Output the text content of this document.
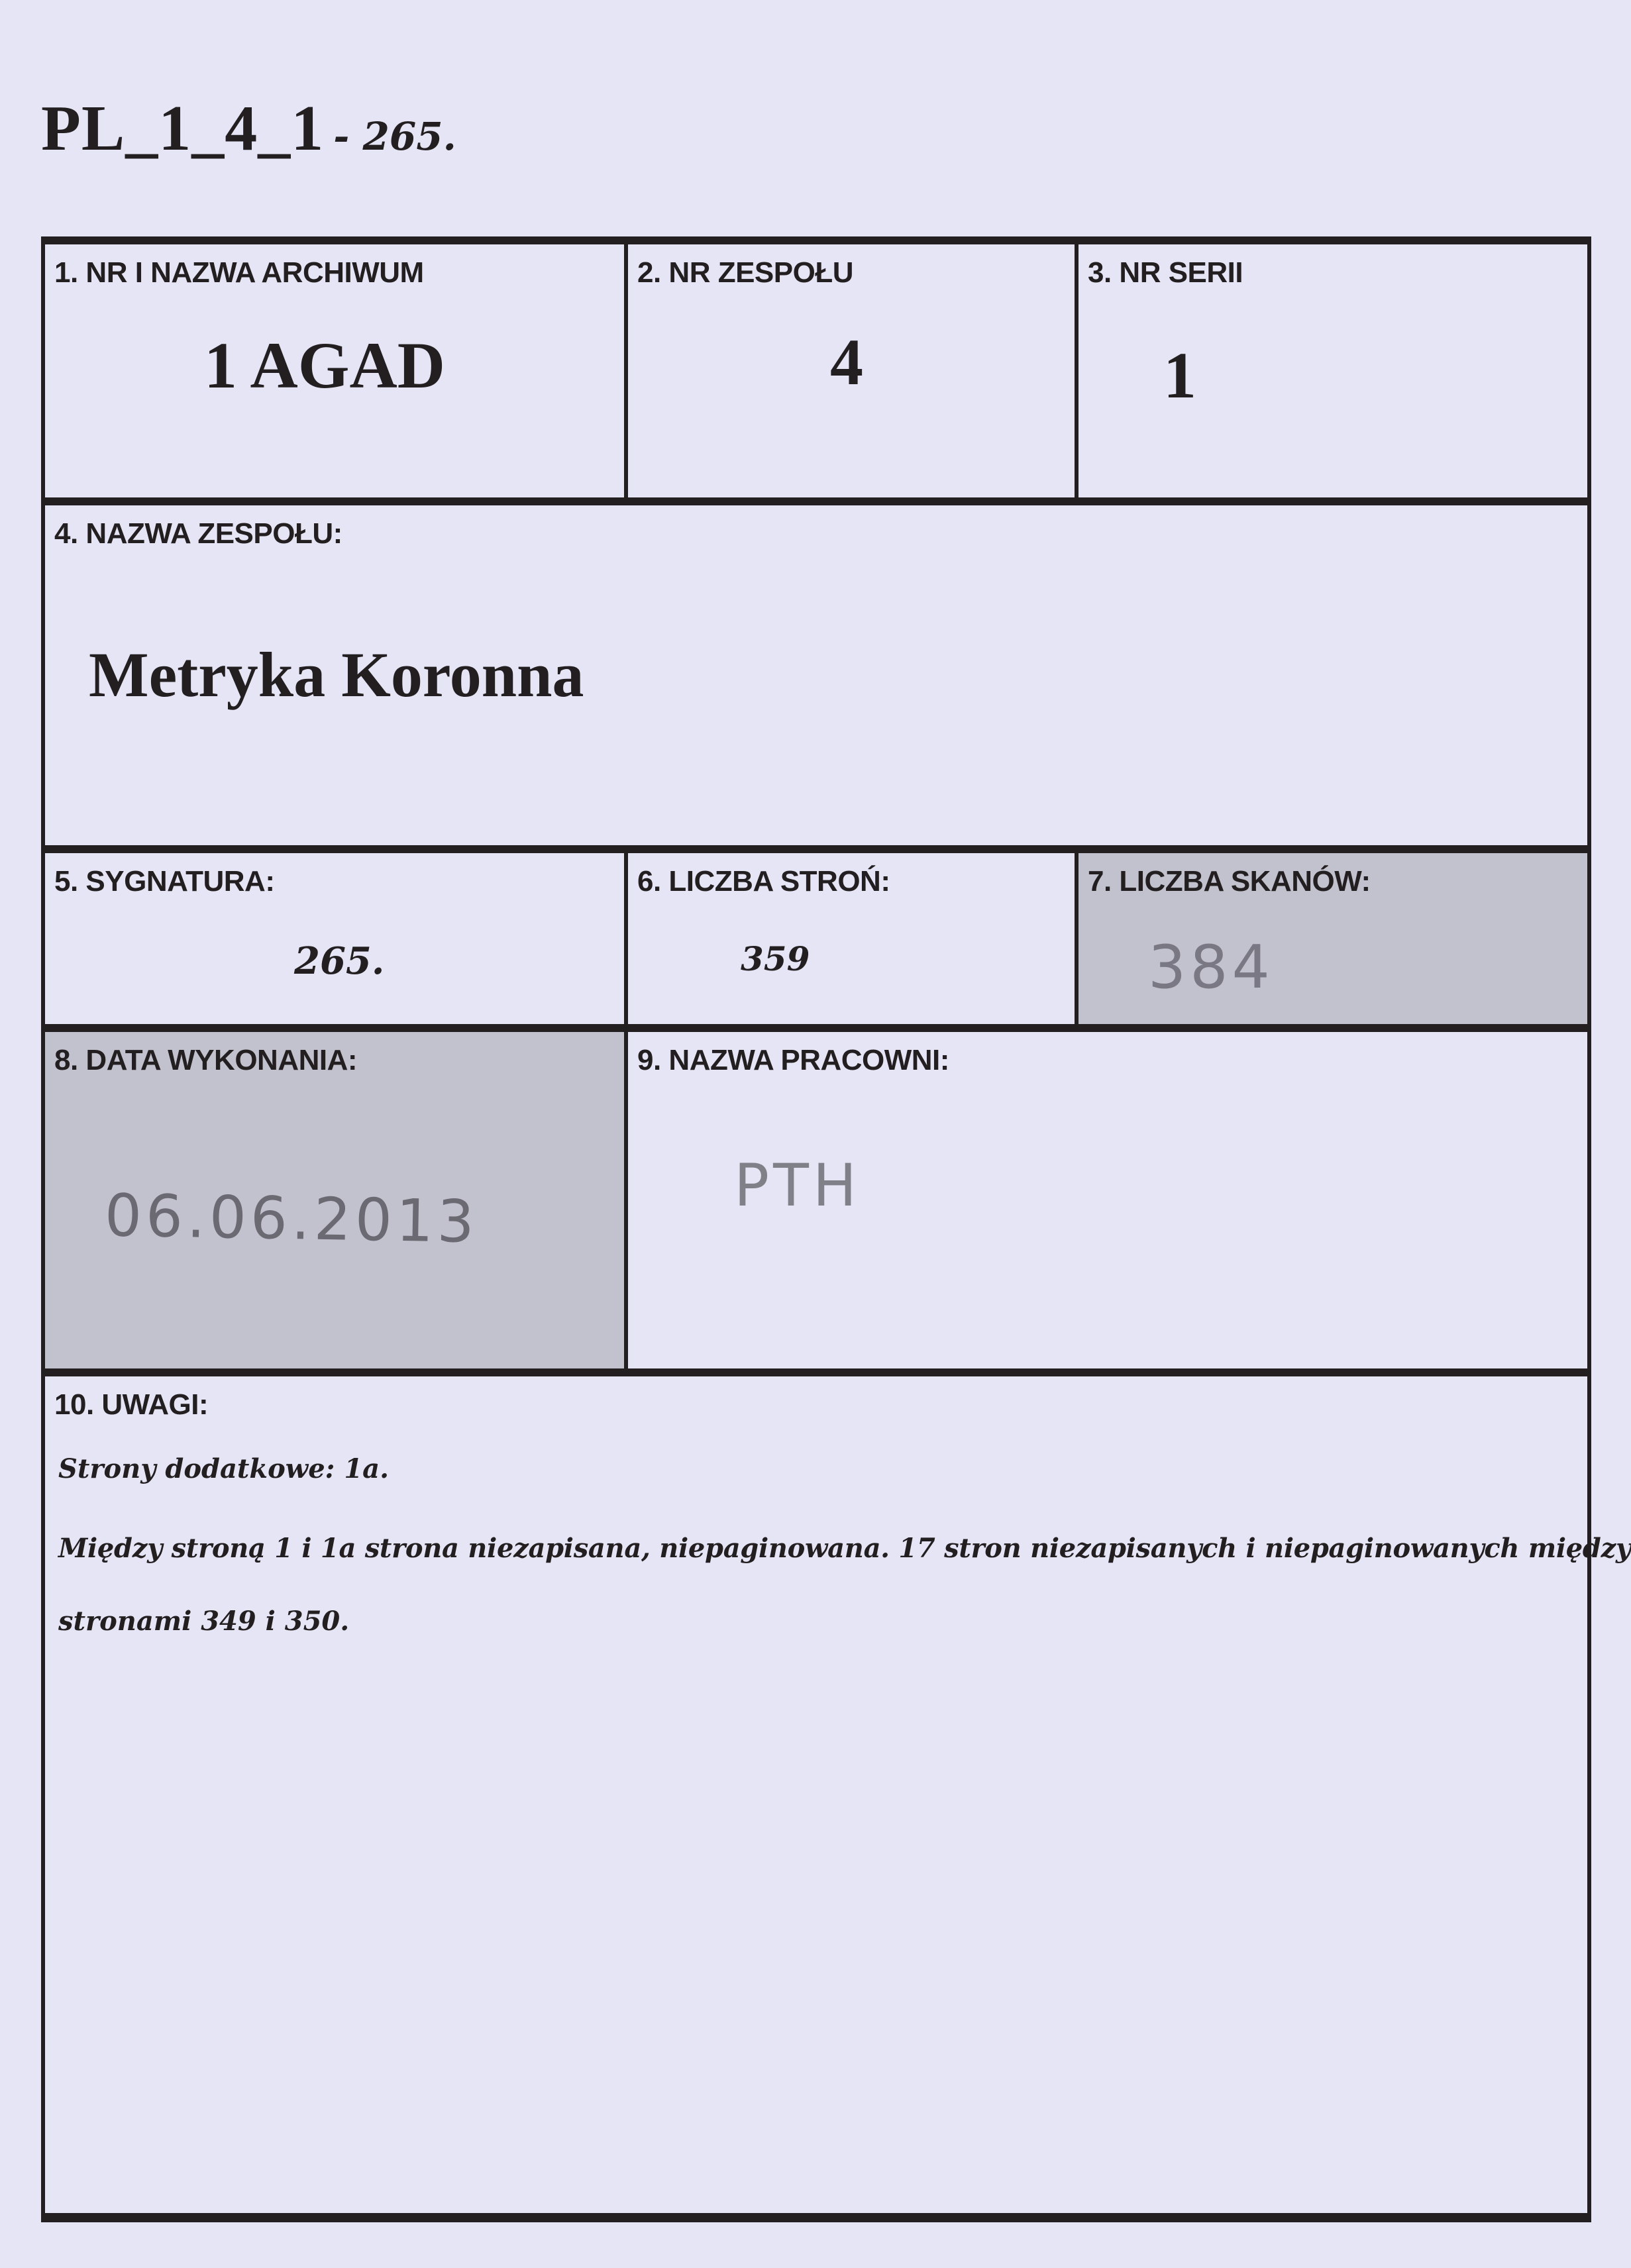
PL_1_4_1 - 265.
1. NR I NAZWA ARCHIWUM
1 AGAD
2. NR ZESPOŁU
4
3. NR SERII
1
4. NAZWA ZESPOŁU:
Metryka Koronna
5. SYGNATURA:
265.
6. LICZBA STROŃ:
359
7. LICZBA SKANÓW:
384
8. DATA WYKONANIA:
06.06.2013
9. NAZWA PRACOWNI:
PTH
10. UWAGI:
Strony dodatkowe: 1a.
Między stroną 1 i 1a strona niezapisana, niepaginowana. 17 stron niezapisanych i niepaginowanych między
stronami 349 i 350.
